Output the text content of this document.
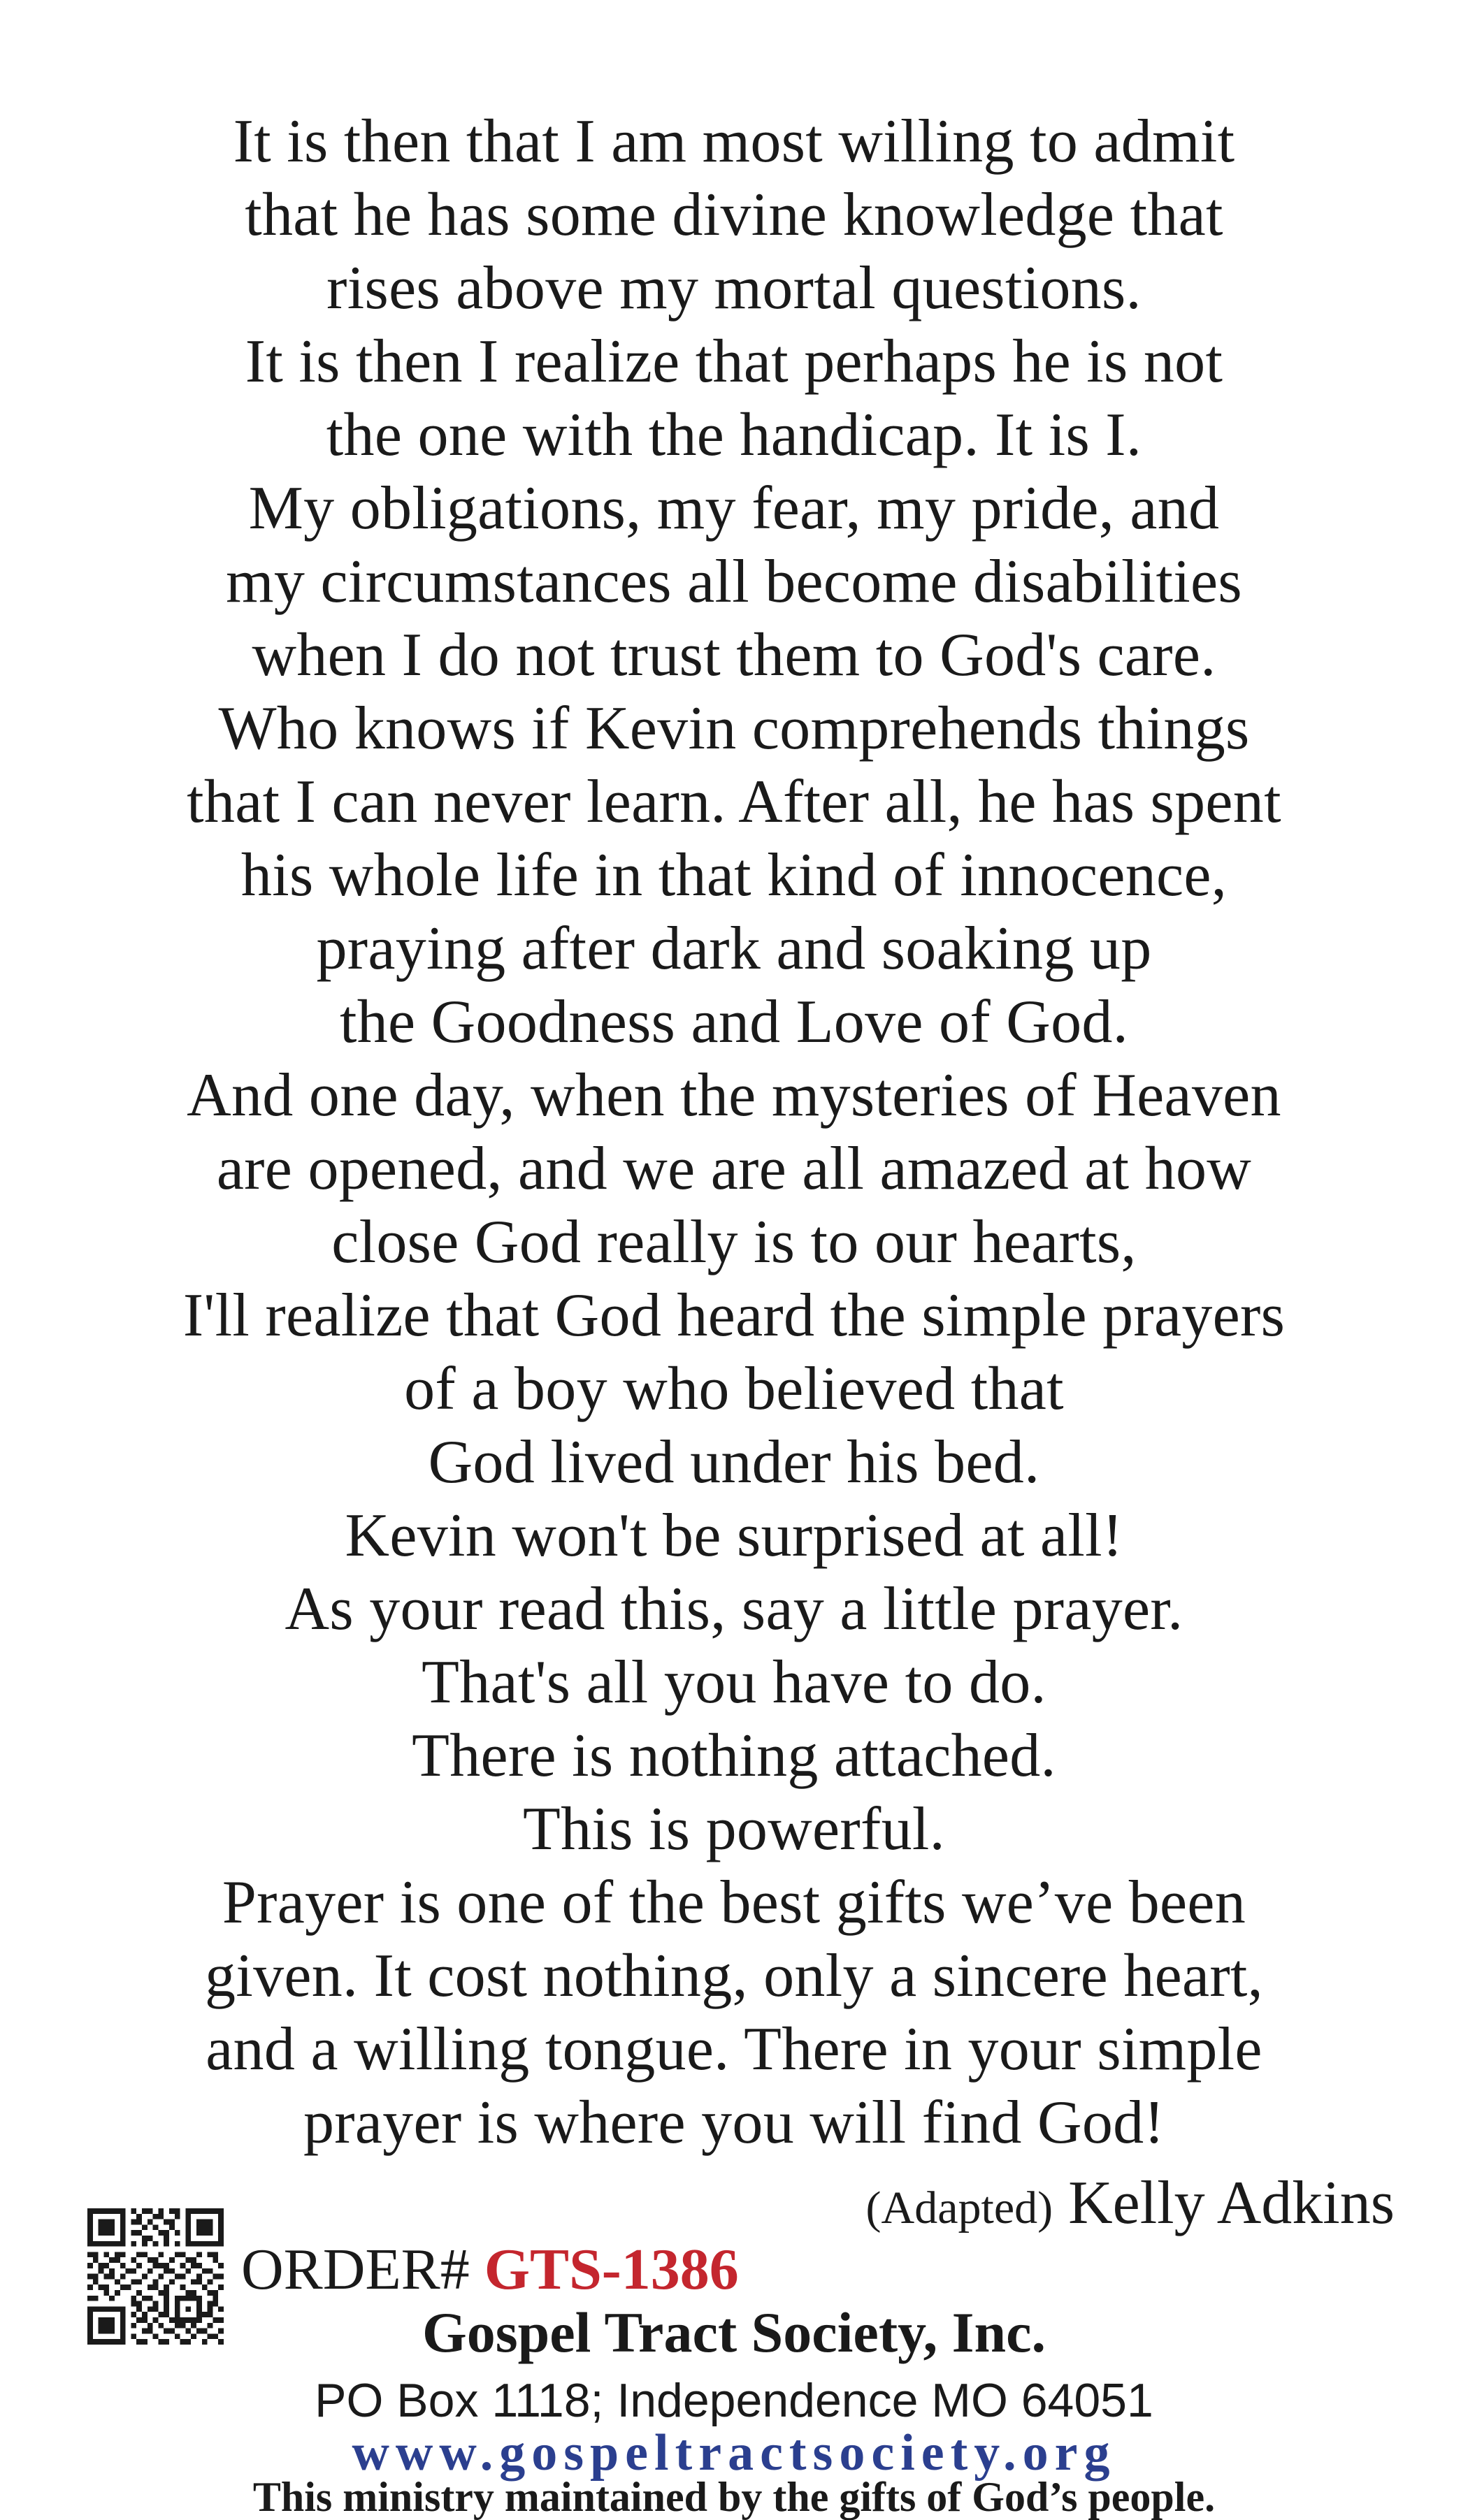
It is then that I am most willing to admit
that he has some divine knowledge that
rises above my mortal questions.
It is then I realize that perhaps he is not
the one with the handicap. It is I.
My obligations, my fear, my pride, and
my circumstances all become disabilities
when I do not trust them to God's care.
Who knows if Kevin comprehends things
that I can never learn. After all, he has spent
his whole life in that kind of innocence,
praying after dark and soaking up
the Goodness and Love of God.
And one day, when the mysteries of Heaven
are opened, and we are all amazed at how
close God really is to our hearts,
I'll realize that God heard the simple prayers
of a boy who believed that
God lived under his bed.
Kevin won't be surprised at all!
As your read this, say a little prayer.
That's all you have to do.
There is nothing attached.
This is powerful.
Prayer is one of the best gifts we’ve been
given. It cost nothing, only a sincere heart,
and a willing tongue. There in your simple
prayer is where you will find God!
(Adapted) Kelly Adkins
ORDER# GTS-1386
Gospel Tract Society, Inc.
PO Box 1118; Independence MO 64051
www.gospeltractsociety.org
This ministry maintained by the gifts of God’s people.
